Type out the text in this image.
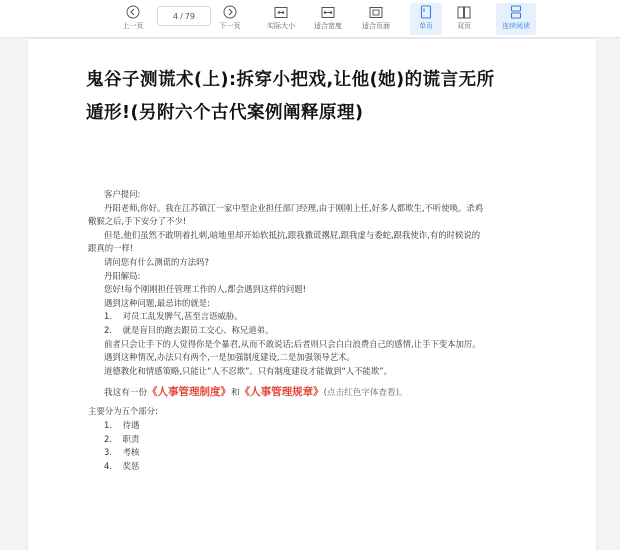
上一页
4 / 79
下一页	实际大小	适合宽度	适合页面	单页	双页	连续阅读
鬼谷子测谎术(上):拆穿小把戏,让他(她)的谎言无所遁形!(另附六个古代案例阐释原理)
客户提问:
丹阳老师,你好。我在江苏镇江一家中型企业担任部门经理,由于刚刚上任,好多人都欺生,不听使唤。杀鸡儆猴之后,手下安分了不少!
但是,他们虽然不敢明着扎刺,暗地里却开始软抵抗,跟我撒谎撂屁,跟我虚与委蛇,跟我使诈,有的时候说的跟真的一样!
请问您有什么测谎的方法吗?
丹阳解局:
您好!每个刚刚担任管理工作的人,都会遇到这样的问题!
遇到这种问题,最忌讳的就是:
1. 对员工乱发脾气,甚至言语威胁。
2. 就是盲目的跑去跟员工交心、称兄道弟。
前者只会让手下的人觉得你是个暴君,从而不敢说话;后者则只会白白浪费自己的感情,让手下变本加厉。
遇到这种情况,办法只有两个,一是加强制度建设,二是加强领导艺术。
道德教化和情感策略,只能让“人不忍欺”。只有制度建设才能做到“人不能欺”。
我这有一份《人事管理制度》和《人事管理规章》(点击红色字体查看)。
主要分为五个部分:
1. 待遇
2. 职责
3. 考核
4. 奖惩
